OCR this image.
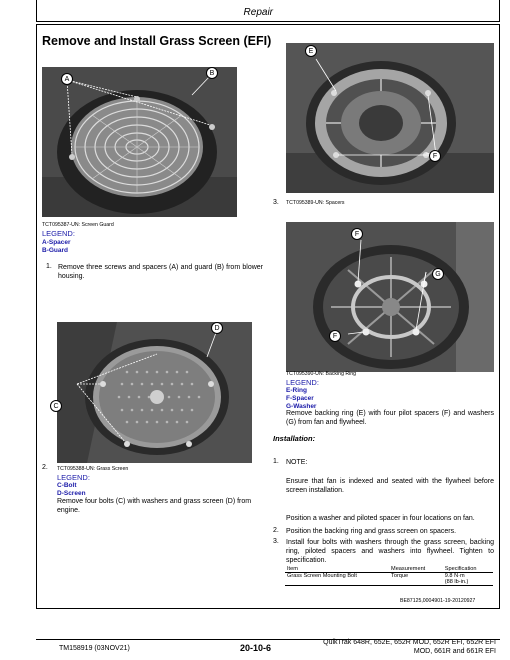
Repair
Remove and Install Grass Screen (EFI)
A
B
TCT095387-UN: Screen Guard
LEGEND:
A-Spacer
B-Guard
1. Remove three screws and spacers (A) and guard (B) from blower housing.
D
C
2. TCT095388-UN: Grass Screen
LEGEND:
C-Bolt
D-Screen
Remove four bolts (C) with washers and grass screen (D) from engine.
E
F
3. TCT095389-UN: Spacers
F
G
F
TCT095390-UN: Backing Ring
LEGEND:
E-Ring
F-Spacer
G-Washer
Remove backing ring (E) with four pilot spacers (F) and washers (G) from fan and flywheel.
Installation:
1. NOTE:
Ensure that fan is indexed and seated with the flywheel before screen installation.
Position a washer and piloted spacer in four locations on fan.
2. Position the backing ring and grass screen on spacers.
3. Install four bolts with washers through the grass screen, backing ring, piloted spacers and washers into flywheel. Tighten to specification.
Item	Measurement	Specification
Grass Screen Mounting Bolt	Torque	9.8 N·m
(88 lb-in.)
BE87125,0004901-19-20120927
TM158919 (03NOV21)	20-10-6
QuikTrak 648R, 652E, 652R MOD, 652R EFI, 652R EFI
MOD, 661R and 661R EFI
